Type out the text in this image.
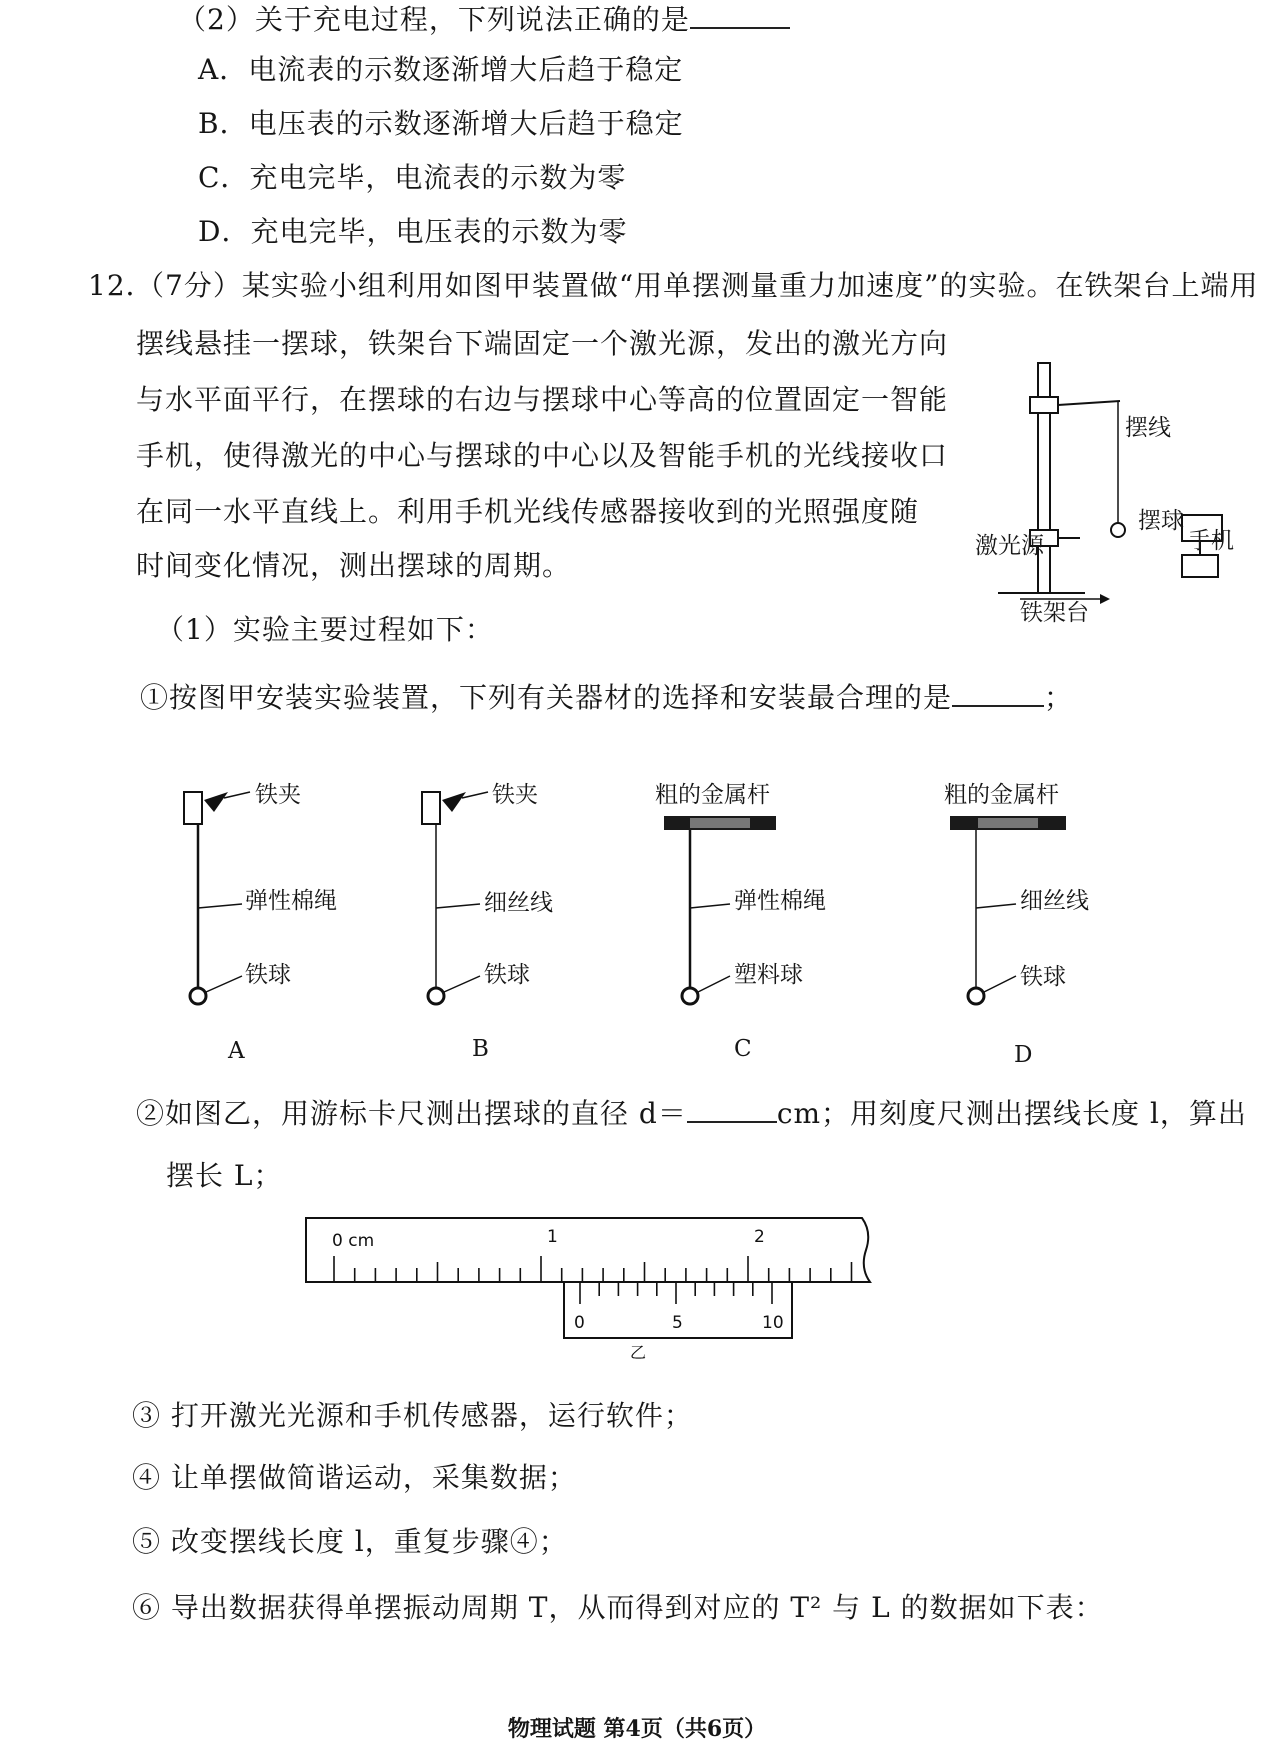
（2）关于充电过程，下列说法正确的是
A．电流表的示数逐渐增大后趋于稳定
B．电压表的示数逐渐增大后趋于稳定
C．充电完毕，电流表的示数为零
D．充电完毕，电压表的示数为零
12．
（7分）某实验小组利用如图甲装置做“用单摆测量重力加速度”的实验。在铁架台上端用
摆线悬挂一摆球，铁架台下端固定一个激光源，发出的激光方向
与水平面平行，在摆球的右边与摆球中心等高的位置固定一智能
手机，使得激光的中心与摆球的中心以及智能手机的光线接收口
在同一水平直线上。利用手机光线传感器接收到的光照强度随
时间变化情况，测出摆球的周期。
摆线
摆球
激光源	手机
铁架台
（1）实验主要过程如下：
①按图甲安装实验装置，下列有关器材的选择和安装最合理的是	；
铁夹
弹性棉绳
铁球
A
铁夹
细丝线
铁球
B
粗的金属杆
弹性棉绳
塑料球
C
粗的金属杆
细丝线
铁球
D
②如图乙，用游标卡尺测出摆球的直径 d＝	cm；用刻度尺测出摆线长度 l，算出
摆长 L；
0 cm	1	2
0	5	10
乙
③ 打开激光光源和手机传感器，运行软件；
④ 让单摆做简谐运动，采集数据；
⑤ 改变摆线长度 l，重复步骤④；
⑥ 导出数据获得单摆振动周期 T，从而得到对应的 T² 与 L 的数据如下表：
物理试题 第4页（共6页）
